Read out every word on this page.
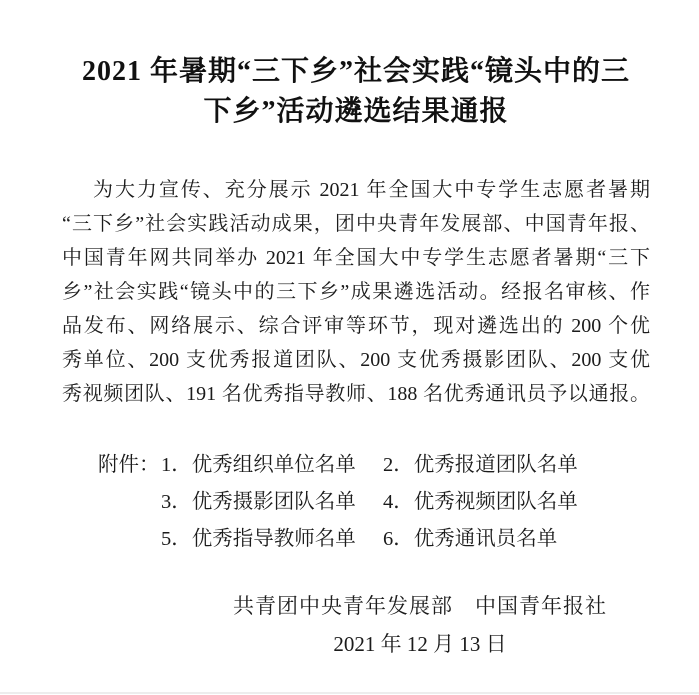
2021 年暑期“三下乡”社会实践“镜头中的三
下乡”活动遴选结果通报
为大力宣传、充分展示 2021 年全国大中专学生志愿者暑期
“三下乡”社会实践活动成果，团中央青年发展部、中国青年报、
中国青年网共同举办 2021 年全国大中专学生志愿者暑期“三下
乡”社会实践“镜头中的三下乡”成果遴选活动。经报名审核、作
品发布、网络展示、综合评审等环节，现对遴选出的 200 个优
秀单位、200 支优秀报道团队、200 支优秀摄影团队、200 支优
秀视频团队、191 名优秀指导教师、188 名优秀通讯员予以通报。
附件： 1．优秀组织单位名单 2．优秀报道团队名单
3．优秀摄影团队名单 4．优秀视频团队名单
5．优秀指导教师名单 6．优秀通讯员名单
共青团中央青年发展部　中国青年报社
2021 年 12 月 13 日
